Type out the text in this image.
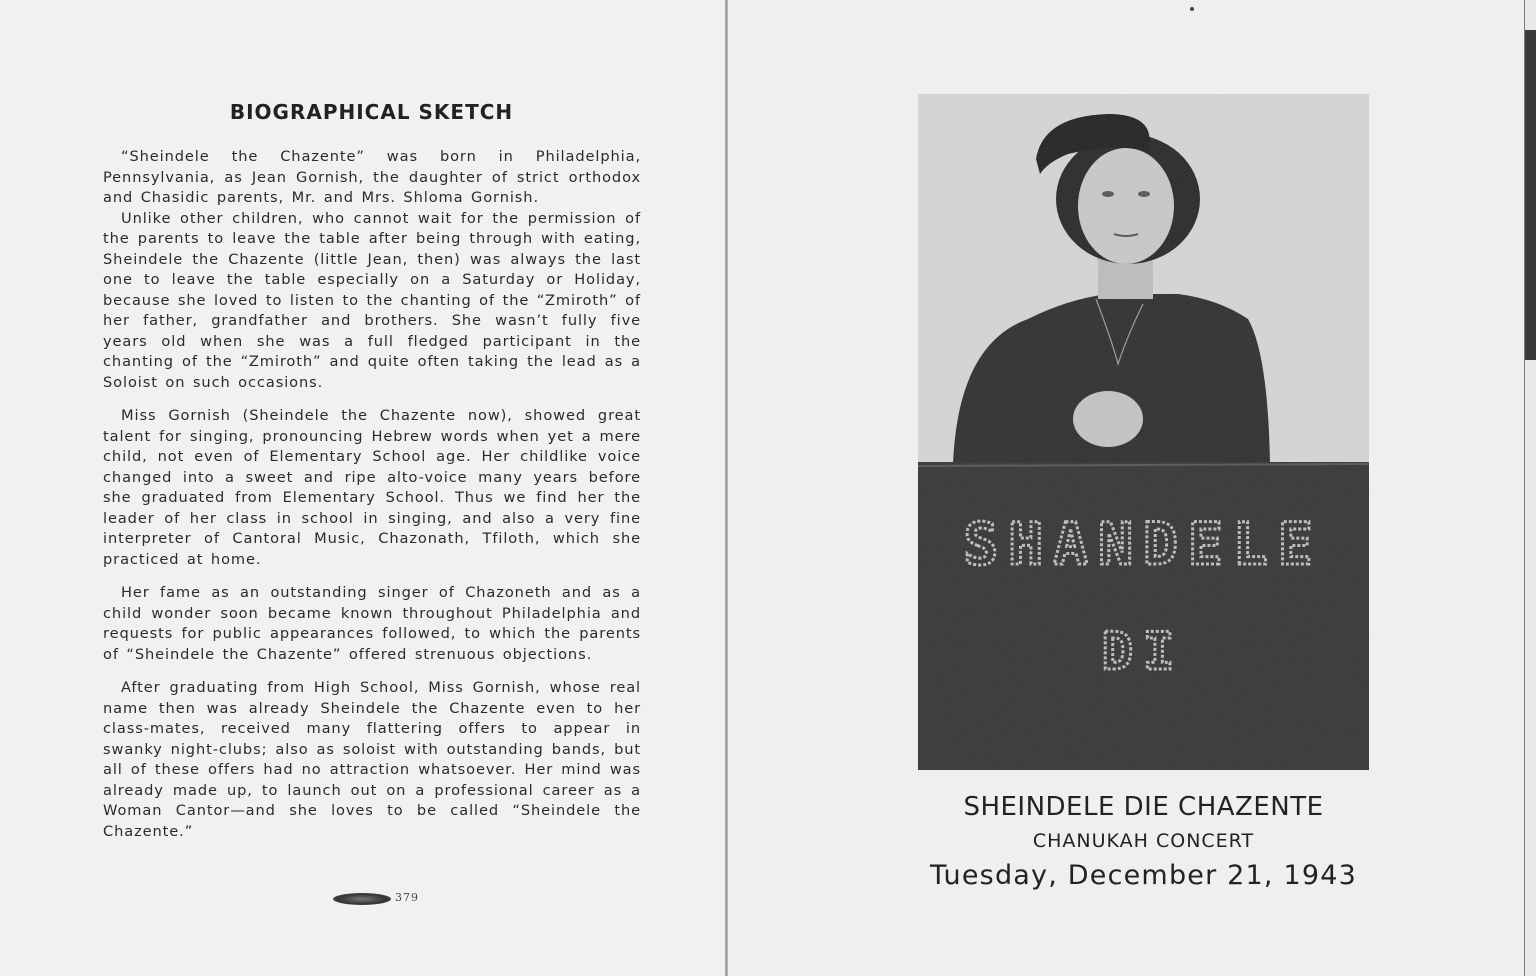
BIOGRAPHICAL SKETCH

“Sheindele the Chazente” was born in Philadelphia, Pennsylvania, as Jean Gornish, the daughter of strict orthodox and Chasidic parents, Mr. and Mrs. Shloma Gornish.

Unlike other children, who cannot wait for the permission of the parents to leave the table after being through with eating, Sheindele the Chazente (little Jean, then) was always the last one to leave the table especially on a Saturday or Holiday, because she loved to listen to the chanting of the “Zmiroth” of her father, grandfather and brothers. She wasn’t fully five years old when she was a full fledged participant in the chanting of the “Zmiroth” and quite often taking the lead as a Soloist on such occasions.

Miss Gornish (Sheindele the Chazente now), showed great talent for singing, pronouncing Hebrew words when yet a mere child, not even of Elementary School age. Her childlike voice changed into a sweet and ripe alto-voice many years before she graduated from Elementary School. Thus we find her the leader of her class in school in singing, and also a very fine interpreter of Cantoral Music, Chazonath, Tfiloth, which she practiced at home.

Her fame as an outstanding singer of Chazoneth and as a child wonder soon became known throughout Philadelphia and requests for public appearances followed, to which the parents of “Sheindele the Chazente” offered strenuous objections.

After graduating from High School, Miss Gornish, whose real name then was already Sheindele the Chazente even to her class-mates, received many flattering offers to appear in swanky night-clubs; also as soloist with outstanding bands, but all of these offers had no attraction whatsoever. Her mind was already made up, to launch out on a professional career as a Woman Cantor—and she loves to be called “Sheindele the Chazente.”

379
SHEINDELE DIE CHAZENTE
CHANUKAH CONCERT
Tuesday, December 21, 1943
